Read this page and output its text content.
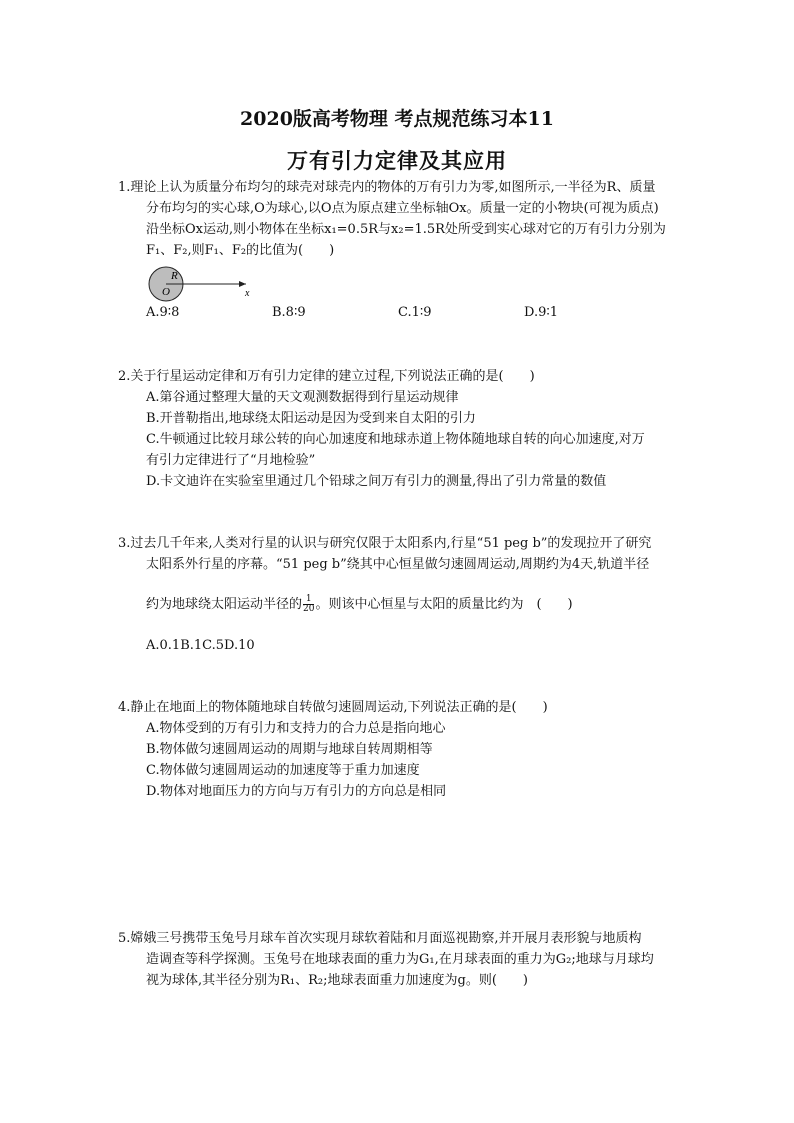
2020版高考物理 考点规范练习本11
万有引力定律及其应用
1.理论上认为质量分布均匀的球壳对球壳内的物体的万有引力为零,如图所示,一半径为R、质量
分布均匀的实心球,O为球心,以O点为原点建立坐标轴Ox。质量一定的小物块(可视为质点)
沿坐标Ox运动,则小物体在坐标x₁=0.5R与x₂=1.5R处所受到实心球对它的万有引力分别为
F₁、F₂,则F₁、F₂的比值为(　　)
R
O	x
A.9∶8	B.8∶9	C.1∶9	D.9∶1
2.关于行星运动定律和万有引力定律的建立过程,下列说法正确的是(　　)
A.第谷通过整理大量的天文观测数据得到行星运动规律
B.开普勒指出,地球绕太阳运动是因为受到来自太阳的引力
C.牛顿通过比较月球公转的向心加速度和地球赤道上物体随地球自转的向心加速度,对万
有引力定律进行了“月地检验”
D.卡文迪许在实验室里通过几个铅球之间万有引力的测量,得出了引力常量的数值
3.过去几千年来,人类对行星的认识与研究仅限于太阳系内,行星“51 peg b”的发现拉开了研究
太阳系外行星的序幕。“51 peg b”绕其中心恒星做匀速圆周运动,周期约为4天,轨道半径
约为地球绕太阳运动半径的 $\frac{1}{20}$ 。则该中心恒星与太阳的质量比约为　(　　)
A.0.1B.1C.5D.10
4.静止在地面上的物体随地球自转做匀速圆周运动,下列说法正确的是(　　)
A.物体受到的万有引力和支持力的合力总是指向地心
B.物体做匀速圆周运动的周期与地球自转周期相等
C.物体做匀速圆周运动的加速度等于重力加速度
D.物体对地面压力的方向与万有引力的方向总是相同
5.嫦娥三号携带玉兔号月球车首次实现月球软着陆和月面巡视勘察,并开展月表形貌与地质构
造调查等科学探测。玉兔号在地球表面的重力为G₁,在月球表面的重力为G₂;地球与月球均
视为球体,其半径分别为R₁、R₂;地球表面重力加速度为g。则(　　)
